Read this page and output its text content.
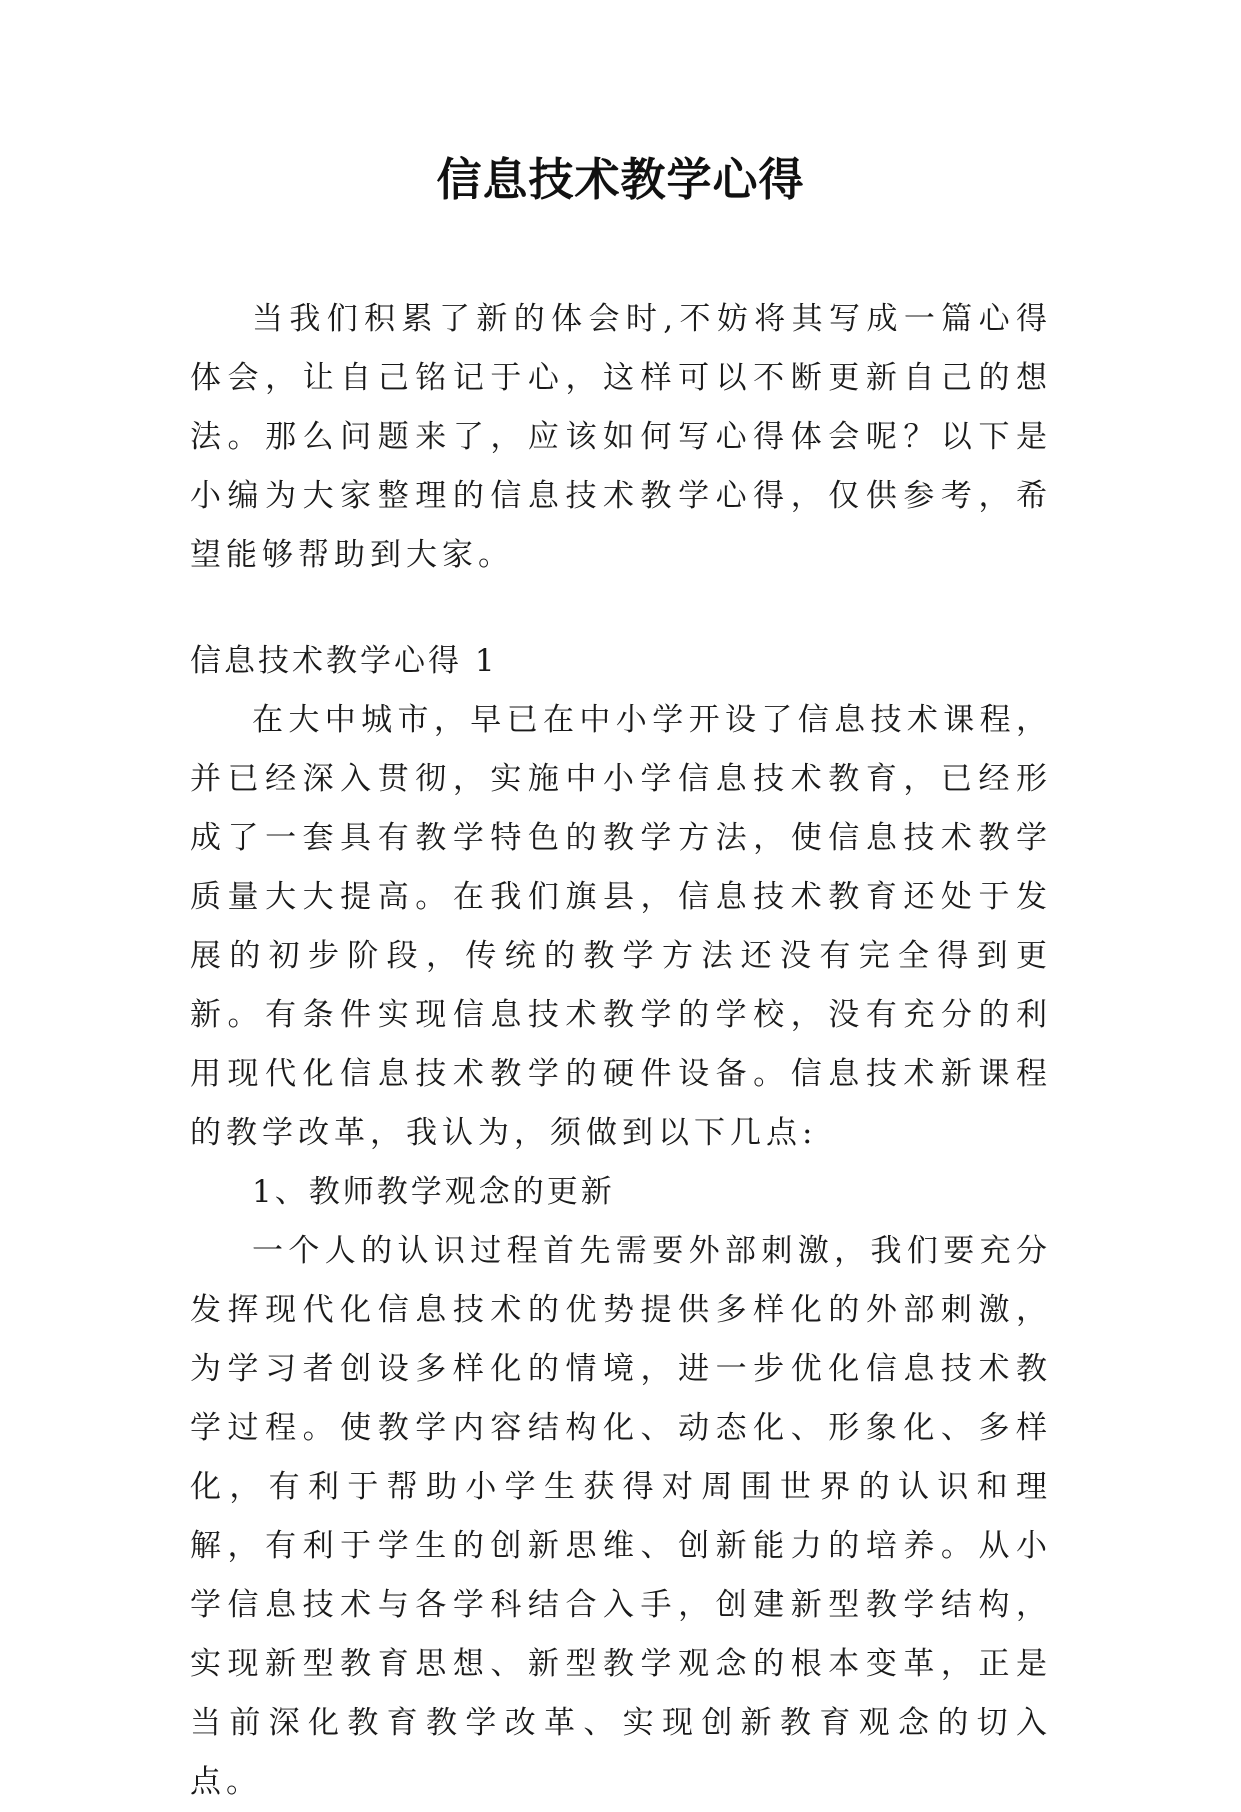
信息技术教学心得

当我们积累了新的体会时,不妨将其写成一篇心得体会，让自己铭记于心，这样可以不断更新自己的想法。那么问题来了，应该如何写心得体会呢？以下是小编为大家整理的信息技术教学心得，仅供参考，希望能够帮助到大家。

信息技术教学心得 1

在大中城市，早已在中小学开设了信息技术课程，并已经深入贯彻，实施中小学信息技术教育，已经形成了一套具有教学特色的教学方法，使信息技术教学质量大大提高。在我们旗县，信息技术教育还处于发展的初步阶段，传统的教学方法还没有完全得到更新。有条件实现信息技术教学的学校，没有充分的利用现代化信息技术教学的硬件设备。信息技术新课程的教学改革，我认为，须做到以下几点:

1、教师教学观念的更新

一个人的认识过程首先需要外部刺激，我们要充分发挥现代化信息技术的优势提供多样化的外部刺激，为学习者创设多样化的情境，进一步优化信息技术教学过程。使教学内容结构化、动态化、形象化、多样化，有利于帮助小学生获得对周围世界的认识和理解，有利于学生的创新思维、创新能力的培养。从小学信息技术与各学科结合入手，创建新型教学结构，实现新型教育思想、新型教学观念的根本变革，正是当前深化教育教学改革、实现创新教育观念的切入点。
